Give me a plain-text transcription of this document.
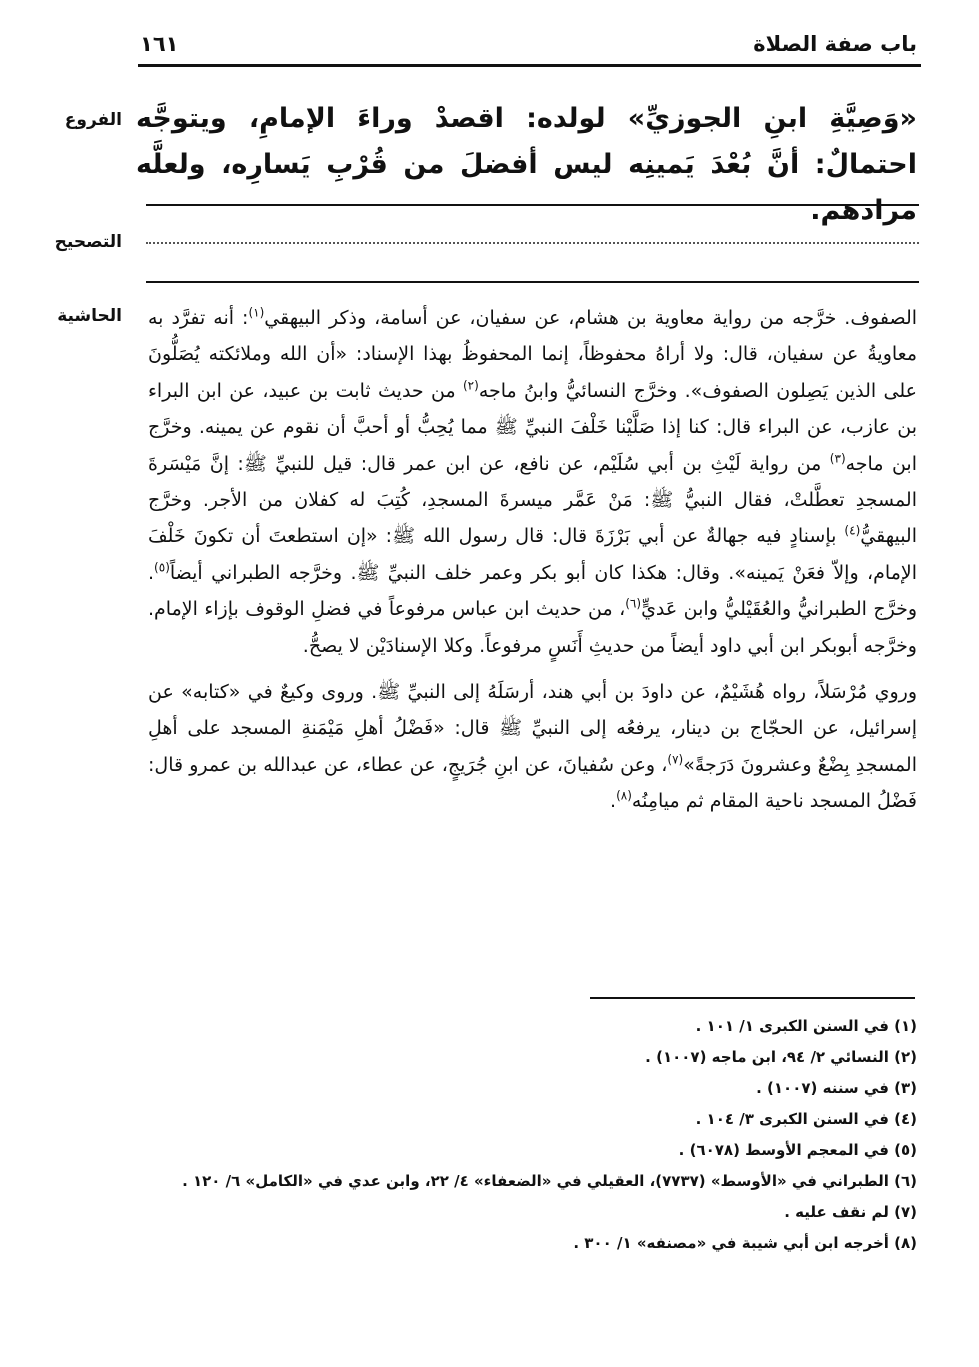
باب صفة الصلاة
١٦١
الفروع
التصحيح
الحاشية
«وَصِيَّةِ ابنِ الجوزيِّ» لولده: اقصدْ وراءَ الإمامِ، ويتوجَّه احتمالٌ: أنَّ بُعْدَ يَمينِه ليس أفضلَ من قُرْبِ يَسارِه، ولعلَّه مرادهم.

الصفوف. خرَّجه من رواية معاوية بن هشام، عن سفيان، عن أسامة، وذكر البيهقي$^{(١)}$: أنه تفرَّد به معاويةُ عن سفيان، قال: ولا أراهُ محفوظاً، إنما المحفوظُ بهذا الإسناد: «أن الله وملائكته يُصَلُّونَ على الذين يَصِلون الصفوف». وخرَّج النسائيُّ وابنُ ماجه$^{(٢)}$ من حديث ثابت بن عبيد، عن ابن البراء بن عازب، عن البراء قال: كنا إذا صَلَّيْنا خَلْفَ النبيِّ ﷺ مما يُحِبُّ أو أحبَّ أن نقوم عن يمينه. وخرَّج ابن ماجه$^{(٣)}$ من رواية لَيْثِ بن أبي سُلَيْم، عن نافع، عن ابن عمر قال: قيل للنبيِّ ﷺ: إنَّ مَيْسَرةَ المسجدِ تعطَّلتْ، فقال النبيُّ ﷺ: مَنْ عَمَّر ميسرةَ المسجدِ، كُتِبَ له كفلان من الأجر. وخرَّج البيهقيُّ$^{(٤)}$ بإسنادٍ فيه جهالةٌ عن أبي بَرْزَةَ قال: قال رسول الله ﷺ: «إن استطعتَ أن تكونَ خَلْفَ الإمام، وإلاّ فعَنْ يَمينه». وقال: هكذا كان أبو بكر وعمر خلف النبيِّ ﷺ. وخرَّجه الطبراني أيضاً$^{(٥)}$. وخرَّج الطبرانيُّ والعُقَيْليُّ وابن عَديٍّ$^{(٦)}$، من حديث ابن عباس مرفوعاً في فضلِ الوقوف بإزاء الإمام. وخرَّجه أبوبكر ابن أبي داود أيضاً من حديثِ أَنَسٍ مرفوعاً. وكلا الإسنادَيْن لا يصحُّ.

وروي مُرْسَلاً، رواه هُشَيْمٌ، عن داودَ بن أبي هند، أرسَلَهُ إلى النبيِّ ﷺ. وروى وكيعٌ في «كتابه» عن إسرائيل، عن الحجّاج بن دينار، يرفعُه إلى النبيِّ ﷺ قال: «فَضْلُ أهلِ مَيْمَنةِ المسجد على أهلِ المسجدِ بِضْعٌ وعشرونَ دَرَجةً»$^{(٧)}$، وعن سُفيانَ، عن ابنِ جُرَيجٍ، عن عطاء، عن عبدالله بن عمرو قال: فَضْلُ المسجد ناحية المقام ثم ميامِنُه$^{(٨)}$.

(١) في السنن الكبرى ١/ ١٠١ .
(٢) النسائي ٢/ ٩٤، ابن ماجه (١٠٠٧) .
(٣) في سننه (١٠٠٧) .
(٤) في السنن الكبرى ٣/ ١٠٤ .
(٥) في المعجم الأوسط (٦٠٧٨) .
(٦) الطبراني في «الأوسط» (٧٧٣٧)، العقيلي في «الضعفاء» ٤/ ٢٢، وابن عدي في «الكامل» ٦/ ١٢٠ .
(٧) لم نقف عليه .
(٨) أخرجه ابن أبي شيبة في «مصنفه» ١/ ٣٠٠ .
